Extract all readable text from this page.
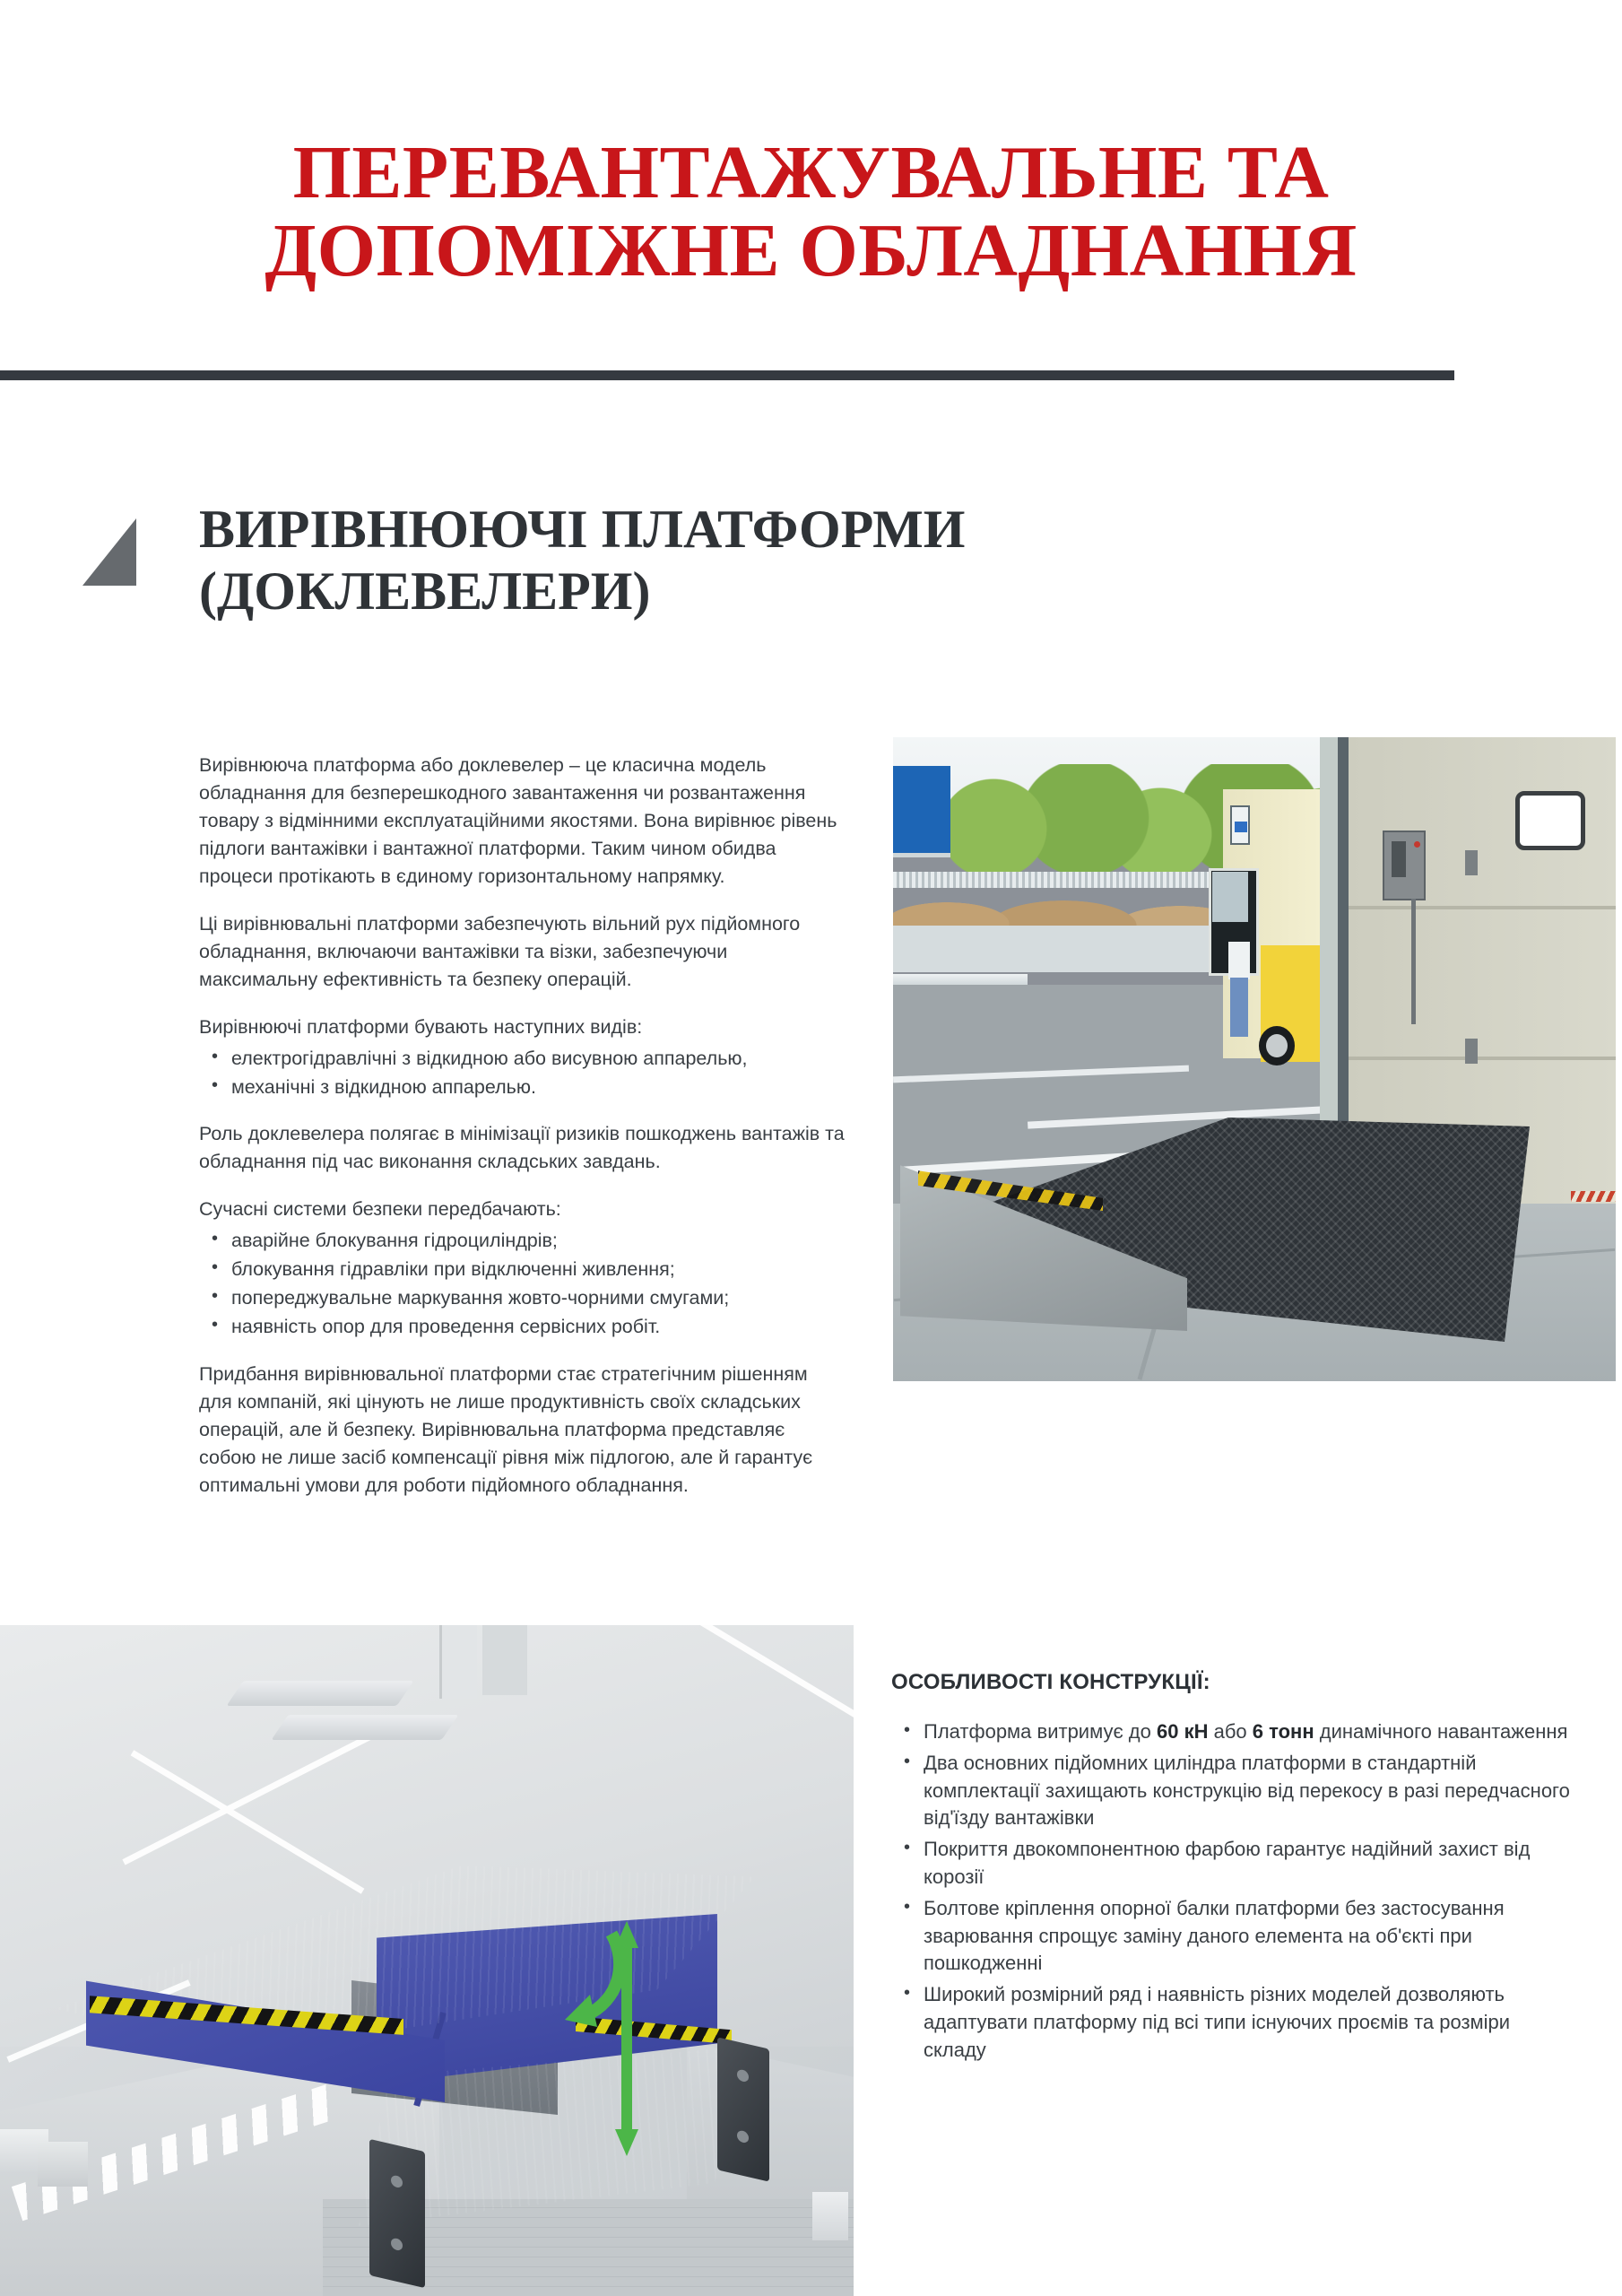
ПЕРЕВАНТАЖУВАЛЬНЕ ТА
ДОПОМІЖНЕ ОБЛАДНАННЯ
ВИРІВНЮЮЧІ ПЛАТФОРМИ
(ДОКЛЕВЕЛЕРИ)

Вирівнююча платформа або доклевелер – це класична модель обладнання для безперешкодного завантаження чи розвантаження товару з відмінними експлуатаційними якостями. Вона вирівнює рівень підлоги вантажівки і вантажної платформи. Таким чином обидва процеси протікають в єдиному горизонтальному напрямку.

Ці вирівнювальні платформи забезпечують вільний рух підйомного обладнання, включаючи вантажівки та візки, забезпечуючи максимальну ефективність та безпеку операцій.

Вирівнюючі платформи бувають наступних видів:

• електрогідравлічні з відкидною або висувною аппарелью,
• механічні з відкидною аппарелью.

Роль доклевелера полягає в мінімізації ризиків пошкоджень вантажів та обладнання під час виконання складських завдань.

Сучасні системи безпеки передбачають:

• аварійне блокування гідроциліндрів;
• блокування гідравліки при відключенні живлення;
• попереджувальне маркування жовто-чорними смугами;
• наявність опор для проведення сервісних робіт.

Придбання вирівнювальної платформи стає стратегічним рішенням для компаній, які цінують не лише продуктивність своїх складських операцій, але й безпеку. Вирівнювальна платформа представляє собою не лише засіб компенсації рівня між підлогою, але й гарантує оптимальні умови для роботи підйомного обладнання.

ОСОБЛИВОСТІ КОНСТРУКЦІЇ:
• Платформа витримує до 60 кН або 6 тонн динамічного навантаження
• Два основних підйомних циліндра платформи в стандартній комплектації захищають конструкцію від перекосу в разі передчасного від'їзду вантажівки
• Покриття двокомпонентною фарбою гарантує надійний захист від корозії
• Болтове кріплення опорної балки платформи без застосування зварювання спрощує заміну даного елемента на об'єкті при пошкодженні
• Широкий розмірний ряд і наявність різних моделей дозволяють адаптувати платформу під всі типи існуючих проємів та розміри складу
